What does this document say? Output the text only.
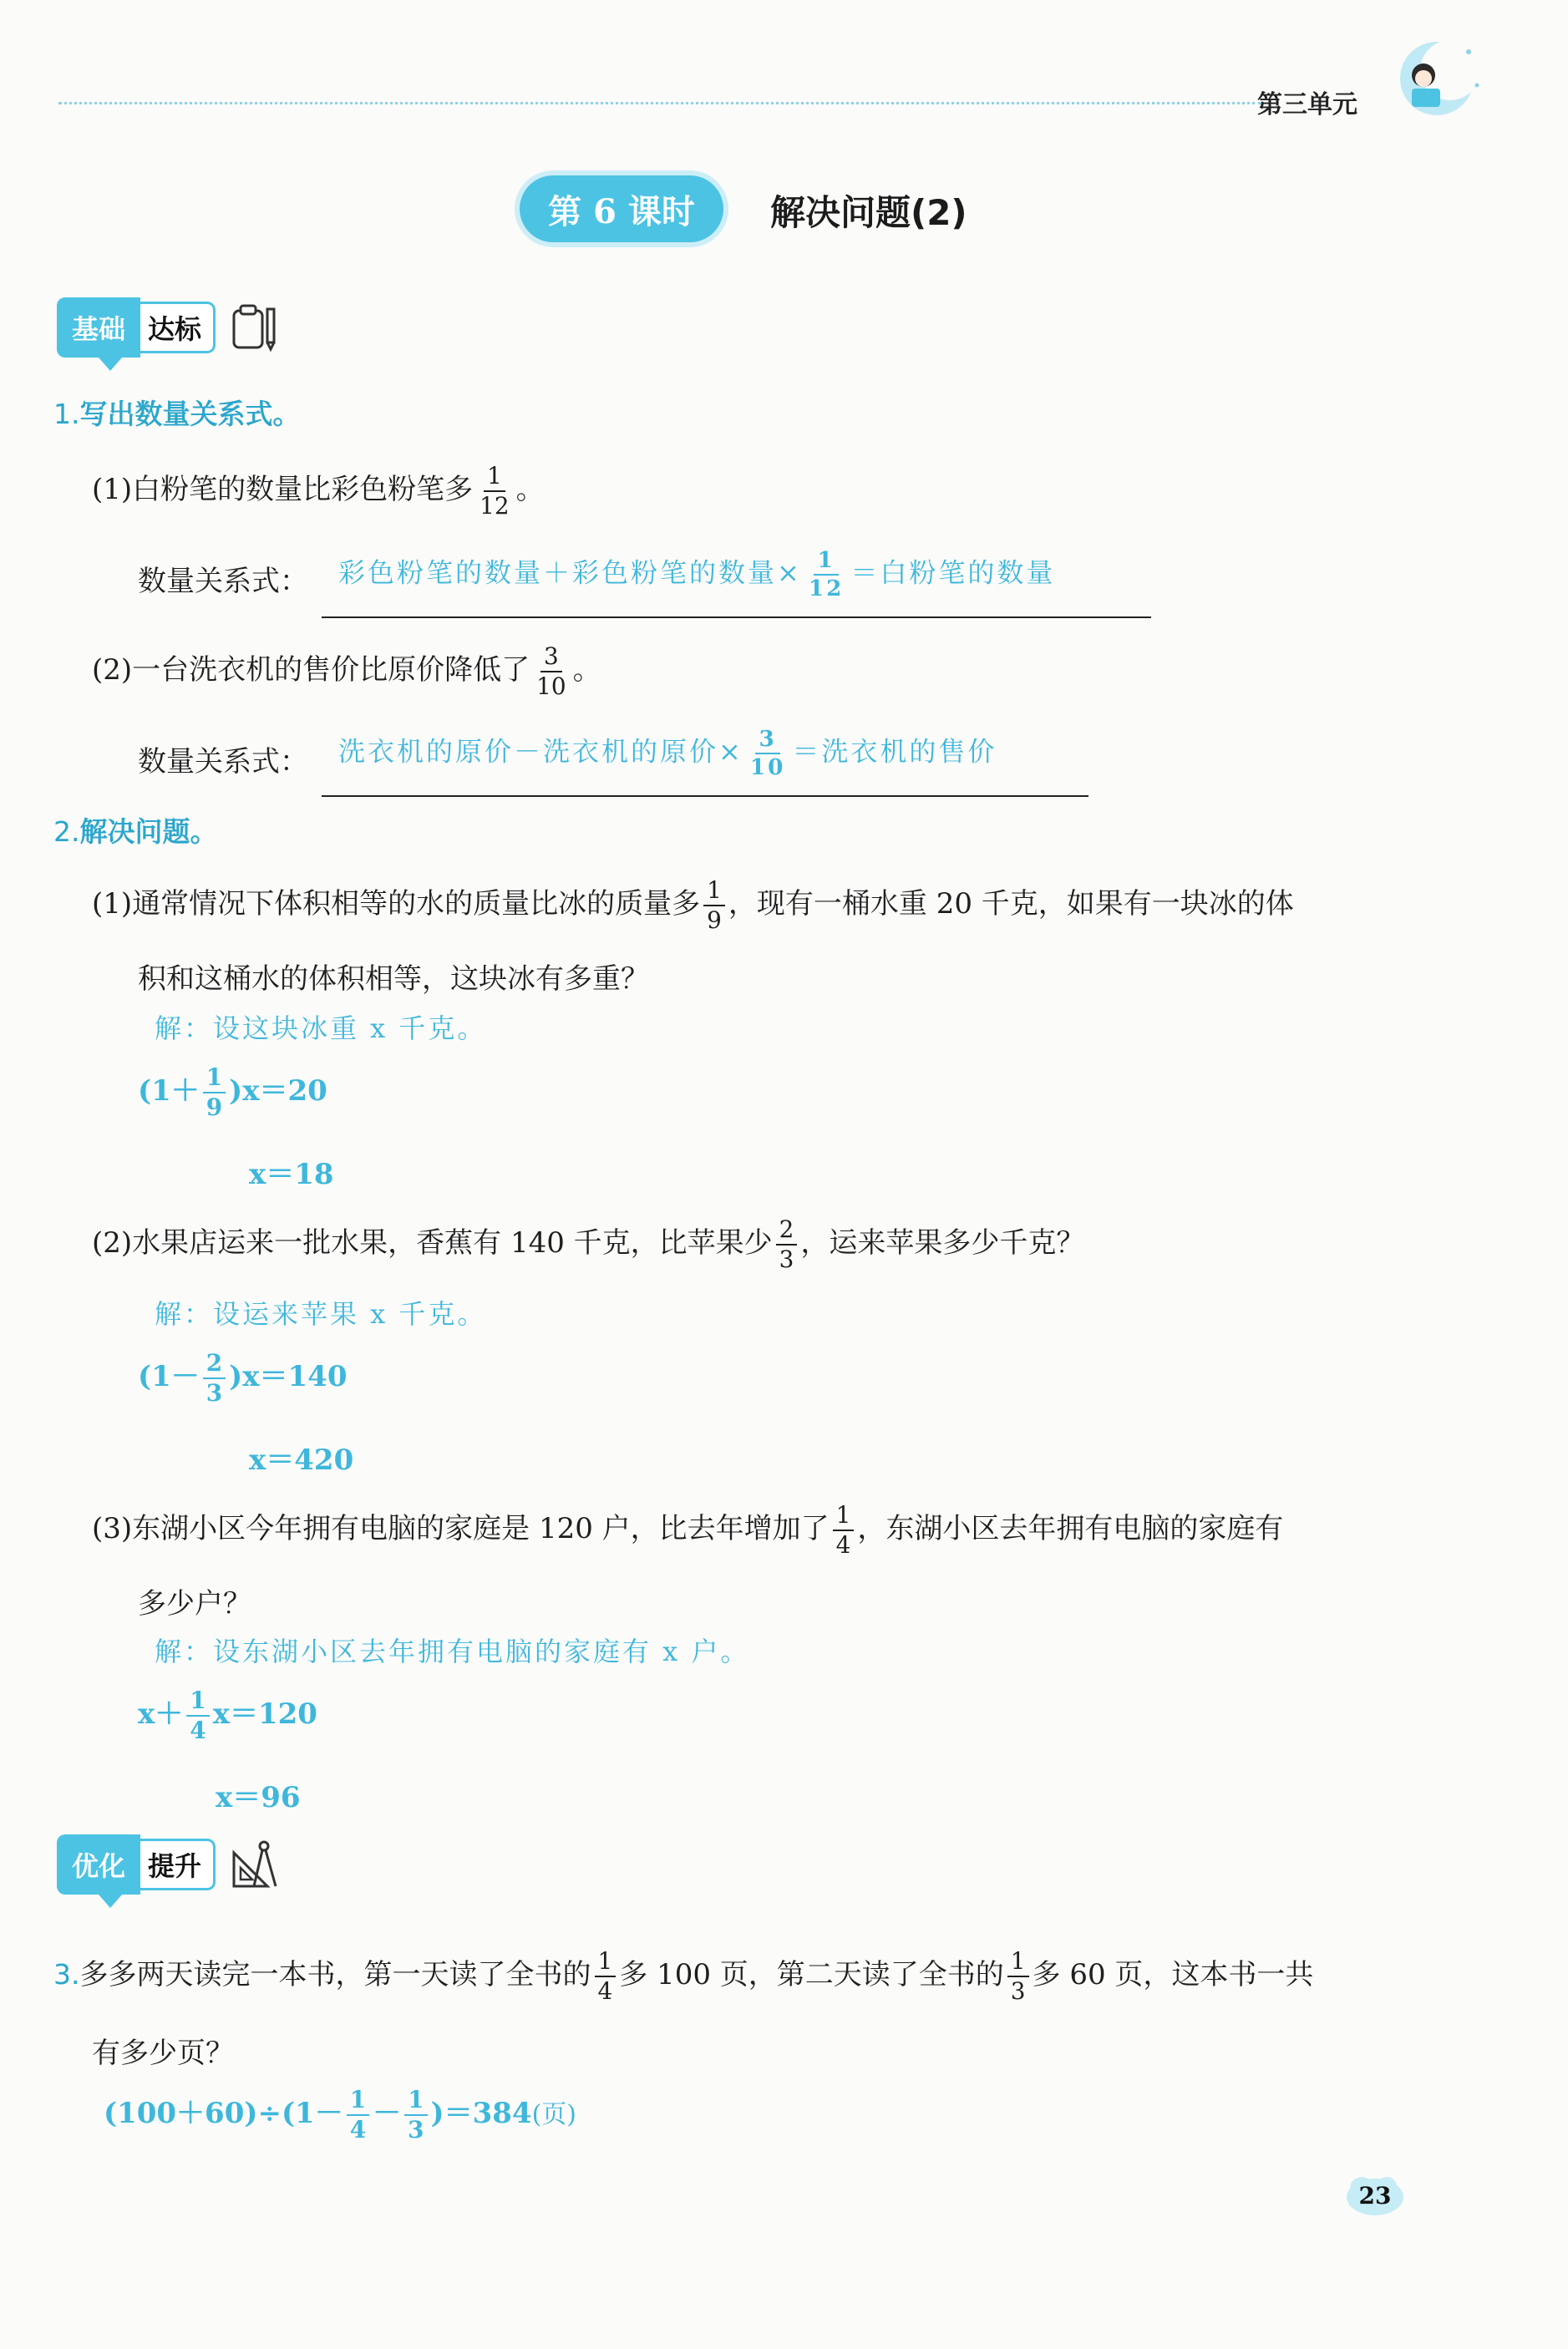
第三单元
第 6 课时	解决问题(2)
基础 达标
1.写出数量关系式。
(1)白粉笔的数量比彩色粉笔多 $\frac{1}{12}$ 。
数量关系式： 彩色粉笔的数量＋彩色粉笔的数量× $\frac{1}{12}$ ＝白粉笔的数量
(2)一台洗衣机的售价比原价降低了 $\frac{3}{10}$ 。
数量关系式： 洗衣机的原价－洗衣机的原价× $\frac{3}{10}$ ＝洗衣机的售价
2.解决问题。
(1)通常情况下体积相等的水的质量比冰的质量多 $\frac{1}{9}$ ，现有一桶水重 20 千克，如果有一块冰的体
积和这桶水的体积相等，这块冰有多重？
解：设这块冰重 x 千克。
$(1+ \frac{1}{9} )x=20$
x＝18
(2)水果店运来一批水果，香蕉有 140 千克，比苹果少 $\frac{2}{3}$ ，运来苹果多少千克？
解：设运来苹果 x 千克。
$(1- \frac{2}{3} )x=140$
x＝420
(3)东湖小区今年拥有电脑的家庭是 120 户，比去年增加了 $\frac{1}{4}$ ，东湖小区去年拥有电脑的家庭有
多少户？
解：设东湖小区去年拥有电脑的家庭有 x 户。
$x+ \frac{1}{4} x=120$
x＝96
优化 提升
3.多多两天读完一本书，第一天读了全书的 $\frac{1}{4}$ 多 100 页，第二天读了全书的 $\frac{1}{3}$ 多 60 页，这本书一共
有多少页？
$(100+60)\div(1- \frac{1}{4} - \frac{1}{3} )=384$(页)
23
